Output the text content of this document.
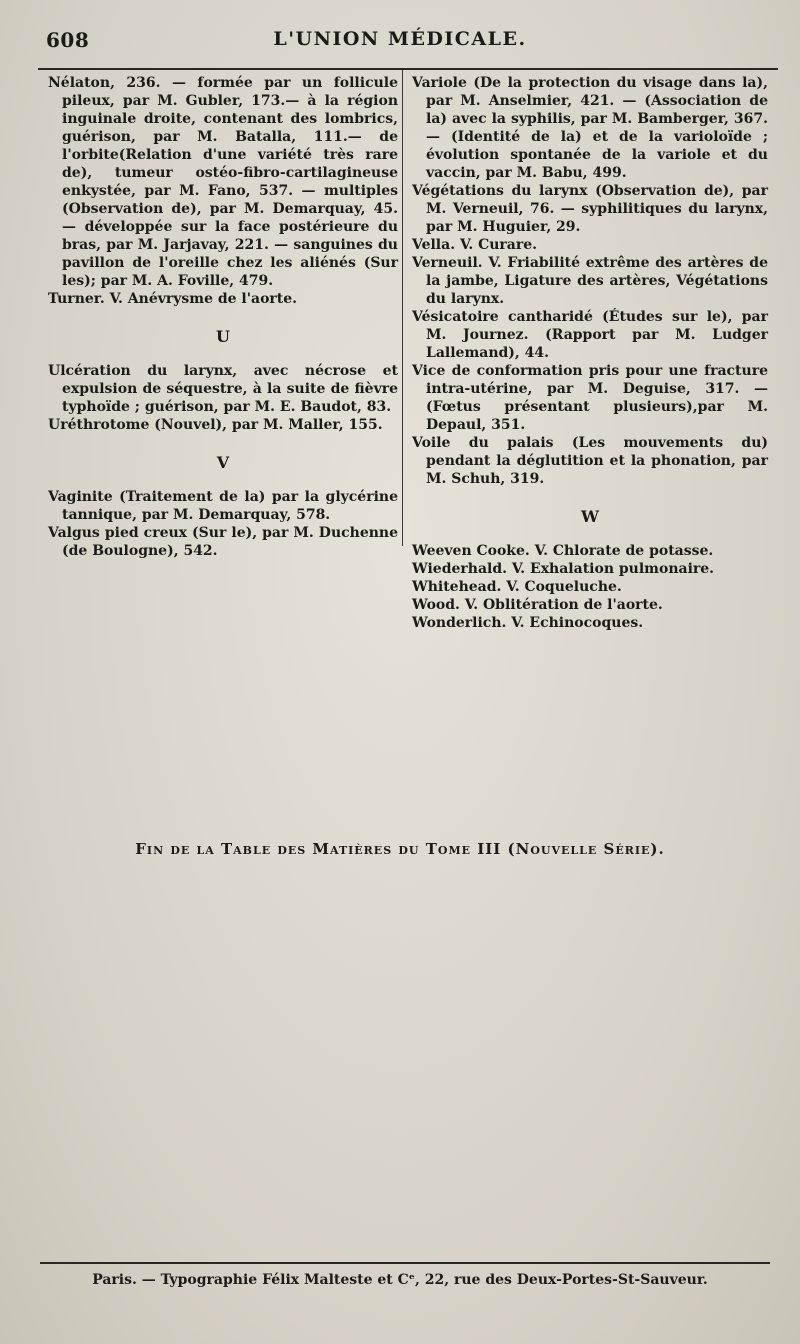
608	L'UNION MÉDICALE.

Nélaton, 236. — formée par un follicule pileux, par M. Gubler, 173.— à la région inguinale droite, contenant des lombrics, guérison, par M. Batalla, 111.— de l'orbite(Relation d'une variété très rare de), tumeur ostéo-fibro-cartilagineuse enkystée, par M. Fano, 537. — multiples (Observation de), par M. Demarquay, 45. — développée sur la face postérieure du bras, par M. Jarjavay, 221. — sanguines du pavillon de l'oreille chez les aliénés (Sur les); par M. A. Foville, 479.

Turner. V. Anévrysme de l'aorte.

U

Ulcération du larynx, avec nécrose et expulsion de séquestre, à la suite de fièvre typhoïde ; guérison, par M. E. Baudot, 83.

Uréthrotome (Nouvel), par M. Maller, 155.

V

Vaginite (Traitement de la) par la glycérine tannique, par M. Demarquay, 578.

Valgus pied creux (Sur le), par M. Duchenne (de Boulogne), 542.

Variole (De la protection du visage dans la), par M. Anselmier, 421. — (Association de la) avec la syphilis, par M. Bamberger, 367. — (Identité de la) et de la varioloïde ; évolution spontanée de la variole et du vaccin, par M. Babu, 499.

Végétations du larynx (Observation de), par M. Verneuil, 76. — syphilitiques du larynx, par M. Huguier, 29.

Vella. V. Curare.

Verneuil. V. Friabilité extrême des artères de la jambe, Ligature des artères, Végétations du larynx.

Vésicatoire cantharidé (Études sur le), par M. Journez. (Rapport par M. Ludger Lallemand), 44.

Vice de conformation pris pour une fracture intra-utérine, par M. Deguise, 317. — (Fœtus présentant plusieurs),par M. Depaul, 351.

Voile du palais (Les mouvements du) pendant la déglutition et la phonation, par M. Schuh, 319.

W

Weeven Cooke. V. Chlorate de potasse.

Wiederhald. V. Exhalation pulmonaire.

Whitehead. V. Coqueluche.

Wood. V. Oblitération de l'aorte.

Wonderlich. V. Echinocoques.

Fin de la Table des Matières du Tome III (Nouvelle Série).
Paris. — Typographie Félix Malteste et Cᵉ, 22, rue des Deux-Portes-St-Sauveur.
